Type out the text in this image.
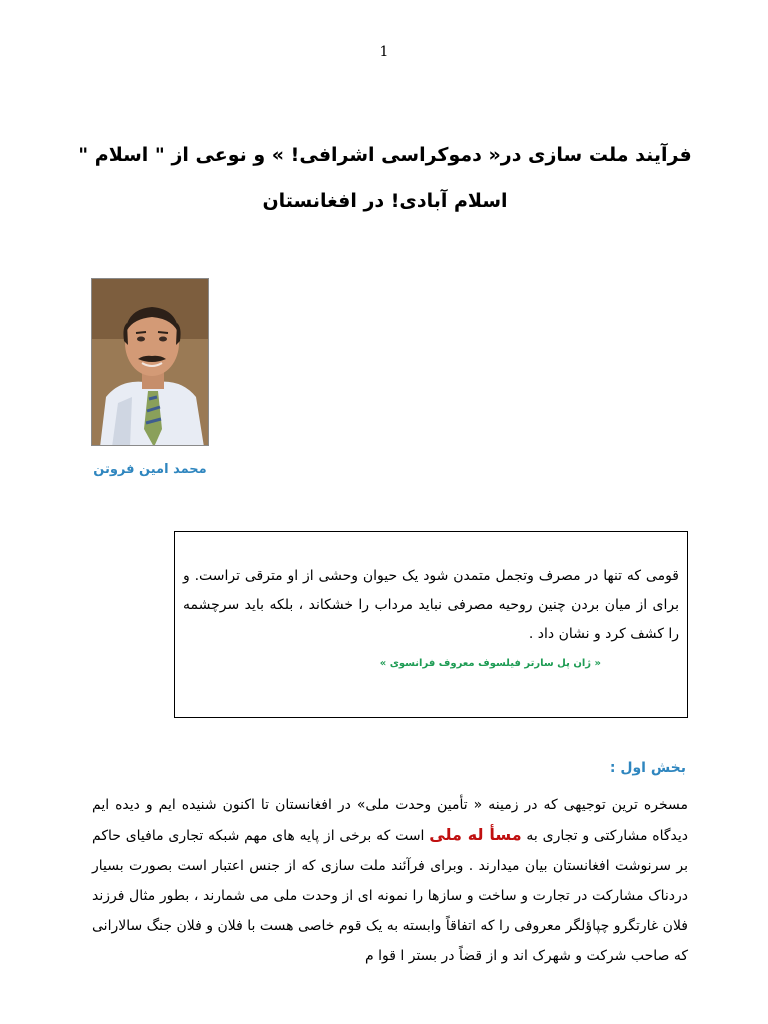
1
فرآیند ملت سازی در« دموکراسی اشرافی! » و نوعی از " اسلام " اسلام آبادی! در افغانستان
محمد امین فروتن
قومی که تنها در مصرف وتجمل متمدن شود یک حیوان وحشی از او مترقی تراست. و برای از میان بردن چنین روحیه مصرفی نباید مرداب را خشکاند ، بلکه باید سرچشمه را کشف کرد و نشان داد .
« ژان پل سارتر فیلسوف معروف فرانسوی »
بخش اول :

مسخره ترین توجیهی که در زمینه « تأمین وحدت ملی» در افغانستان تا اکنون شنیده ایم و دیده ایم دیدگاه مشارکتی و تجاری به مسأ له ملی است که برخی از پایه های مهم شبکه تجاری مافیای حاکم بر سرنوشت افغانستان بیان میدارند . وبرای فرآئند ملت سازی که از جنس اعتبار است بصورت بسیار دردناک مشارکت در تجارت و ساخت و سازها را نمونه ای از وحدت ملی می شمارند ، بطور مثال فرزند فلان غارتگرو چپاؤلگر معروفی را که اتفاقاً وابسته به یک قوم خاصی هست با فلان و فلان جنگ سالارانی که صاحب شرکت و شهرک اند و از قضاً در بستر ا قوا م
